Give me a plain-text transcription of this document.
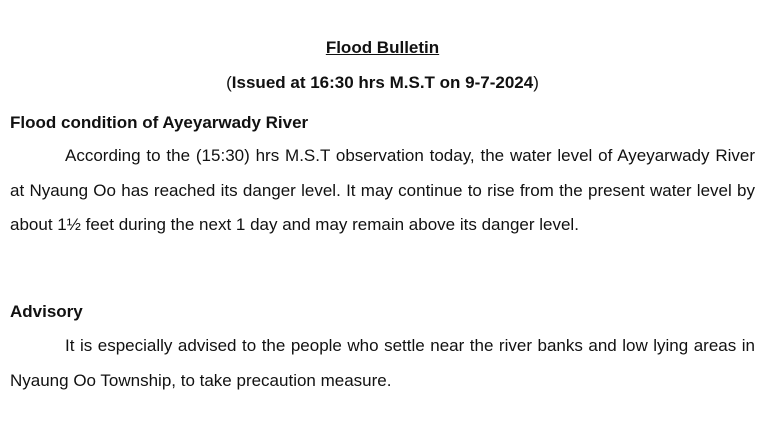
Flood Bulletin
(Issued at 16:30 hrs M.S.T on 9-7-2024)
Flood condition of Ayeyarwady River
According to the (15:30) hrs M.S.T observation today, the water level of Ayeyarwady River at Nyaung Oo has reached its danger level. It may continue to rise from the present water level by about 1½ feet during the next 1 day and may remain above its danger level.
Advisory
It is especially advised to the people who settle near the river banks and low lying areas in Nyaung Oo Township, to take precaution measure.
